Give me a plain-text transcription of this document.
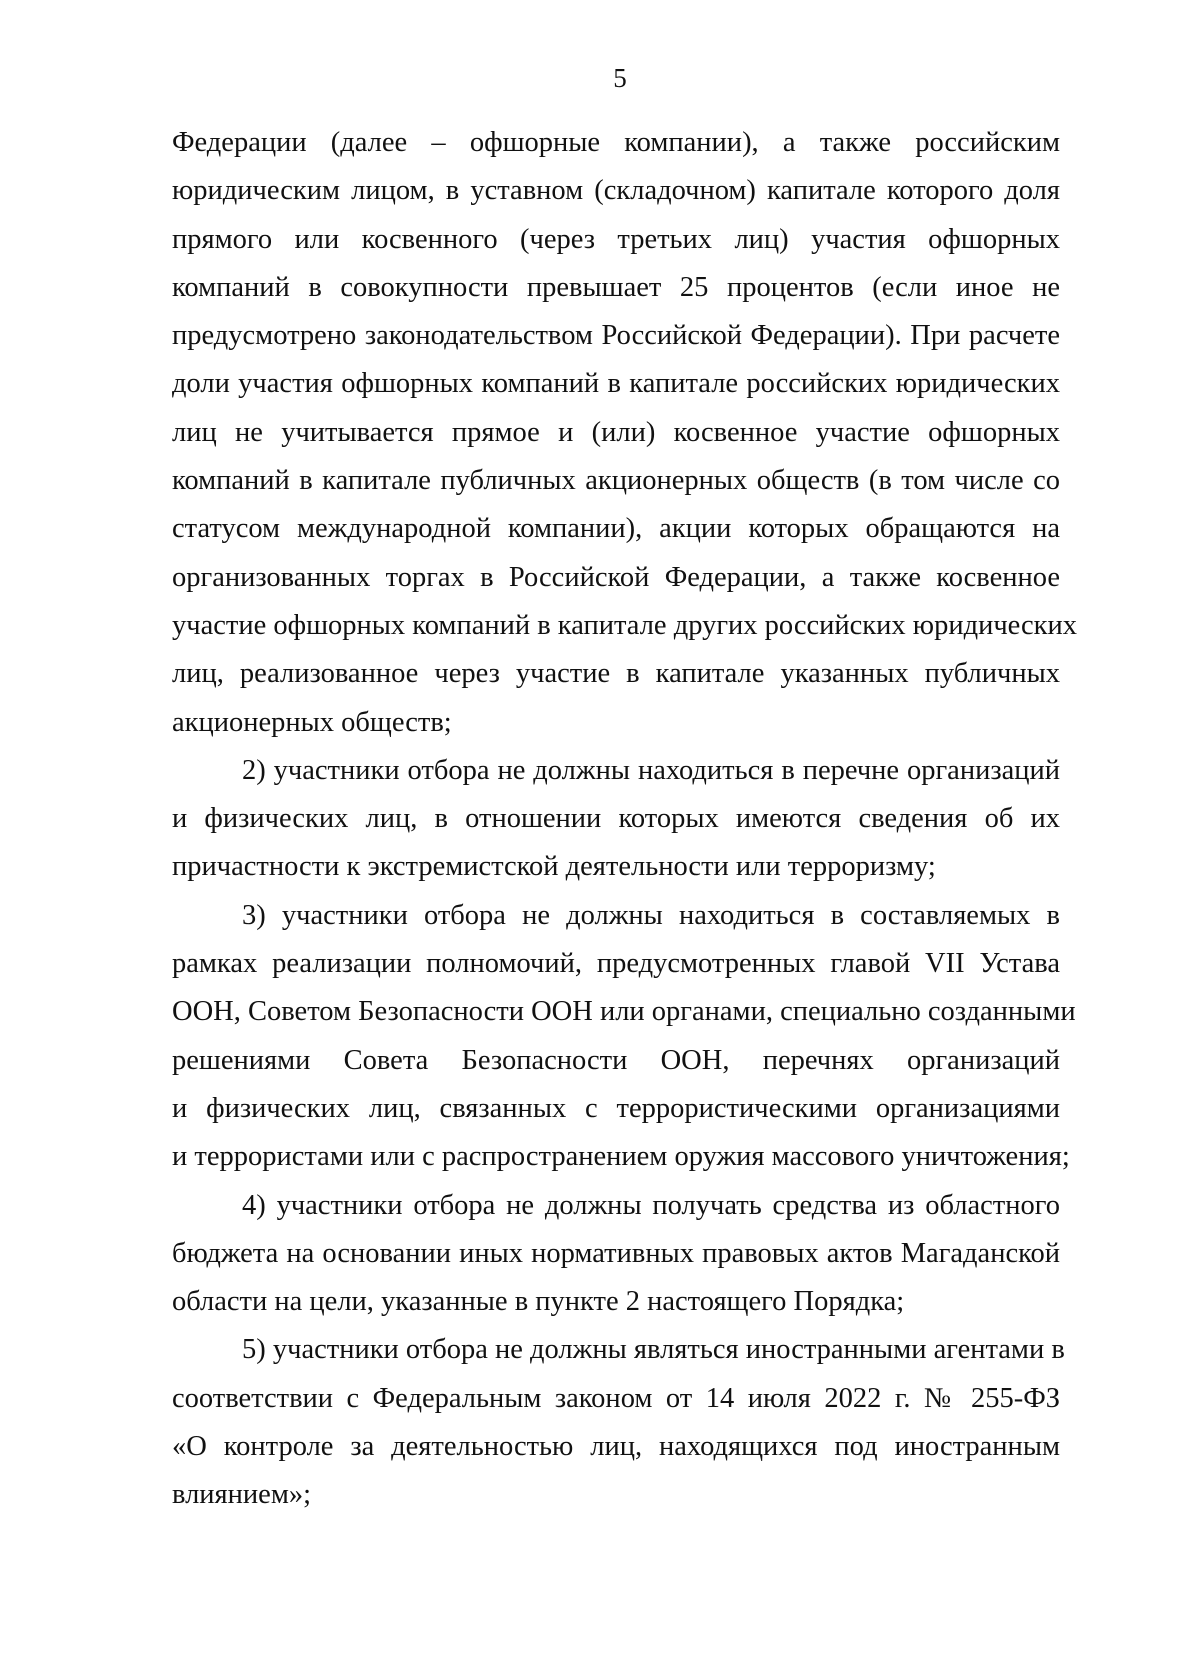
5
Федерации (далее – офшорные компании), а также российским
юридическим лицом, в уставном (складочном) капитале которого доля
прямого или косвенного (через третьих лиц) участия офшорных
компаний в совокупности превышает 25 процентов (если иное не
предусмотрено законодательством Российской Федерации). При расчете
доли участия офшорных компаний в капитале российских юридических
лиц не учитывается прямое и (или) косвенное участие офшорных
компаний в капитале публичных акционерных обществ (в том числе со
статусом международной компании), акции которых обращаются на
организованных торгах в Российской Федерации, а также косвенное
участие офшорных компаний в капитале других российских юридических
лиц, реализованное через участие в капитале указанных публичных
акционерных обществ;
2) участники отбора не должны находиться в перечне организаций
и физических лиц, в отношении которых имеются сведения об их
причастности к экстремистской деятельности или терроризму;
3) участники отбора не должны находиться в составляемых в
рамках реализации полномочий, предусмотренных главой VII Устава
ООН, Советом Безопасности ООН или органами, специально созданными
решениями Совета Безопасности ООН, перечнях организаций
и физических лиц, связанных с террористическими организациями
и террористами или с распространением оружия массового уничтожения;
4) участники отбора не должны получать средства из областного
бюджета на основании иных нормативных правовых актов Магаданской
области на цели, указанные в пункте 2 настоящего Порядка;
5) участники отбора не должны являться иностранными агентами в
соответствии с Федеральным законом от 14 июля 2022 г. № 255-ФЗ
«О контроле за деятельностью лиц, находящихся под иностранным
влиянием»;
